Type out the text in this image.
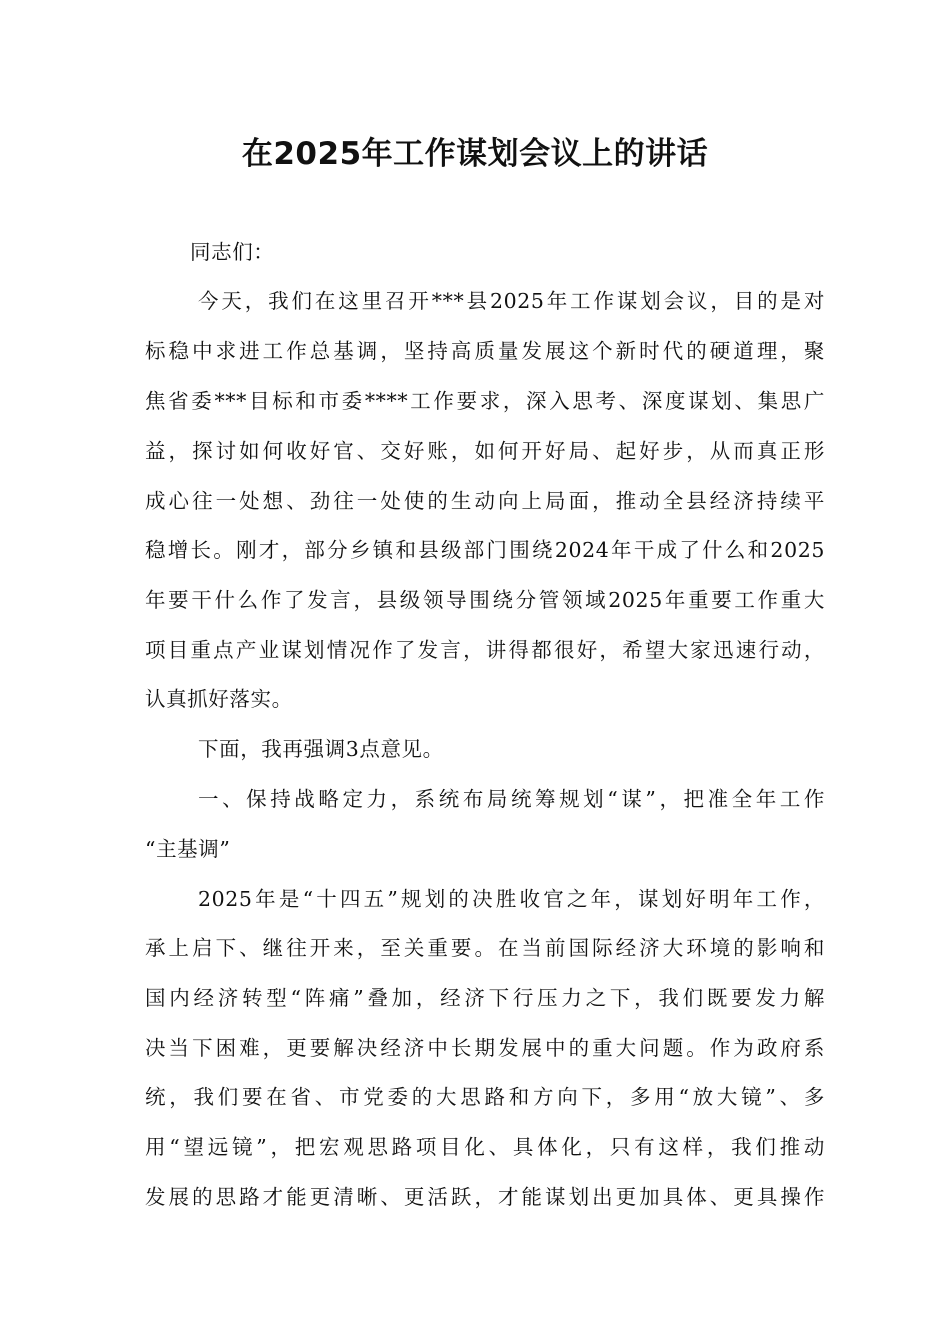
在2025年工作谋划会议上的讲话
同志们：
今天，我们在这里召开***县2025年工作谋划会议，目的是对
标稳中求进工作总基调，坚持高质量发展这个新时代的硬道理，聚
焦省委***目标和市委****工作要求，深入思考、深度谋划、集思广
益，探讨如何收好官、交好账，如何开好局、起好步，从而真正形
成心往一处想、劲往一处使的生动向上局面，推动全县经济持续平
稳增长。刚才，部分乡镇和县级部门围绕2024年干成了什么和2025
年要干什么作了发言，县级领导围绕分管领域2025年重要工作重大
项目重点产业谋划情况作了发言，讲得都很好，希望大家迅速行动，
认真抓好落实。
下面，我再强调3点意见。
一、保持战略定力，系统布局统筹规划“谋”，把准全年工作
“主基调”
2025年是“十四五”规划的决胜收官之年，谋划好明年工作，
承上启下、继往开来，至关重要。在当前国际经济大环境的影响和
国内经济转型“阵痛”叠加，经济下行压力之下，我们既要发力解
决当下困难，更要解决经济中长期发展中的重大问题。作为政府系
统，我们要在省、市党委的大思路和方向下，多用“放大镜”、多
用“望远镜”，把宏观思路项目化、具体化，只有这样，我们推动
发展的思路才能更清晰、更活跃，才能谋划出更加具体、更具操作
